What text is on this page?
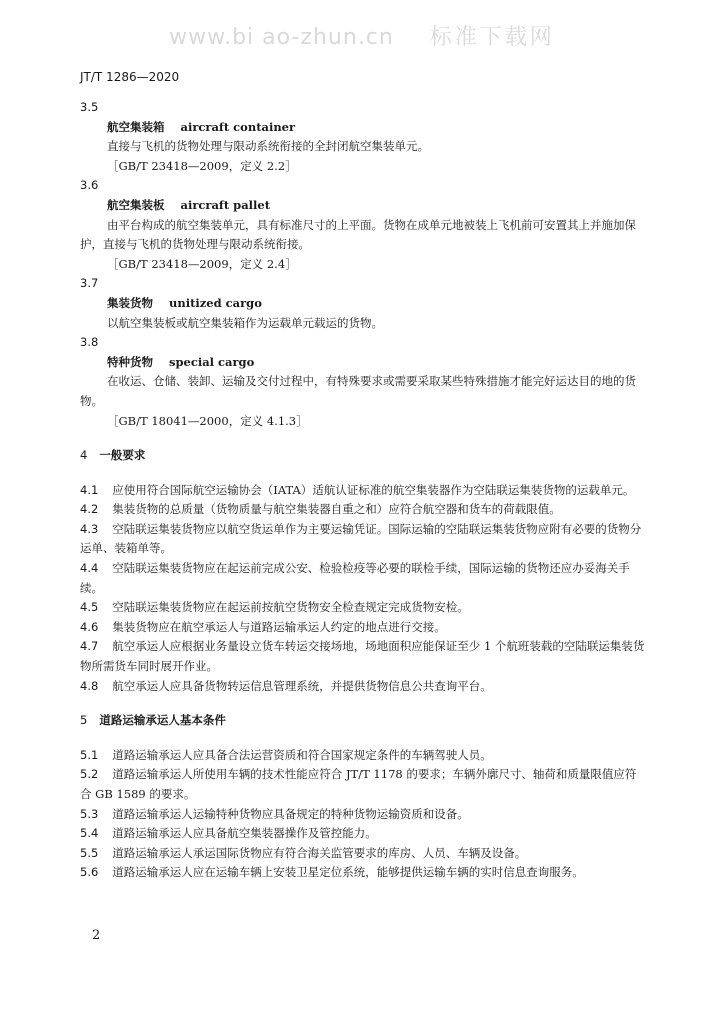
www.bi ao-zhun.cn 标准下载网
JT/T 1286—2020
3.5
航空集装箱 aircraft container
直接与飞机的货物处理与限动系统衔接的全封闭航空集装单元。
［GB/T 23418—2009，定义 2.2］
3.6
航空集装板 aircraft pallet
由平台构成的航空集装单元，具有标准尺寸的上平面。货物在成单元地被装上飞机前可安置其上并施加保护，直接与飞机的货物处理与限动系统衔接。
［GB/T 23418—2009，定义 2.4］
3.7
集装货物 unitized cargo
以航空集装板或航空集装箱作为运载单元载运的货物。
3.8
特种货物 special cargo
在收运、仓储、装卸、运输及交付过程中，有特殊要求或需要采取某些特殊措施才能完好运达目的地的货物。
［GB/T 18041—2000，定义 4.1.3］
4 一般要求
4.1 应使用符合国际航空运输协会（IATA）适航认证标准的航空集装器作为空陆联运集装货物的运载单元。
4.2 集装货物的总质量（货物质量与航空集装器自重之和）应符合航空器和货车的荷载限值。
4.3 空陆联运集装货物应以航空货运单作为主要运输凭证。国际运输的空陆联运集装货物应附有必要的货物分运单、装箱单等。
4.4 空陆联运集装货物应在起运前完成公安、检验检疫等必要的联检手续，国际运输的货物还应办妥海关手续。
4.5 空陆联运集装货物应在起运前按航空货物安全检查规定完成货物安检。
4.6 集装货物应在航空承运人与道路运输承运人约定的地点进行交接。
4.7 航空承运人应根据业务量设立货车转运交接场地，场地面积应能保证至少 1 个航班装载的空陆联运集装货物所需货车同时展开作业。
4.8 航空承运人应具备货物转运信息管理系统，并提供货物信息公共查询平台。
5 道路运输承运人基本条件
5.1 道路运输承运人应具备合法运营资质和符合国家规定条件的车辆驾驶人员。
5.2 道路运输承运人所使用车辆的技术性能应符合 JT/T 1178 的要求；车辆外廓尺寸、轴荷和质量限值应符合 GB 1589 的要求。
5.3 道路运输承运人运输特种货物应具备规定的特种货物运输资质和设备。
5.4 道路运输承运人应具备航空集装器操作及管控能力。
5.5 道路运输承运人承运国际货物应有符合海关监管要求的库房、人员、车辆及设备。
5.6 道路运输承运人应在运输车辆上安装卫星定位系统，能够提供运输车辆的实时信息查询服务。
2
